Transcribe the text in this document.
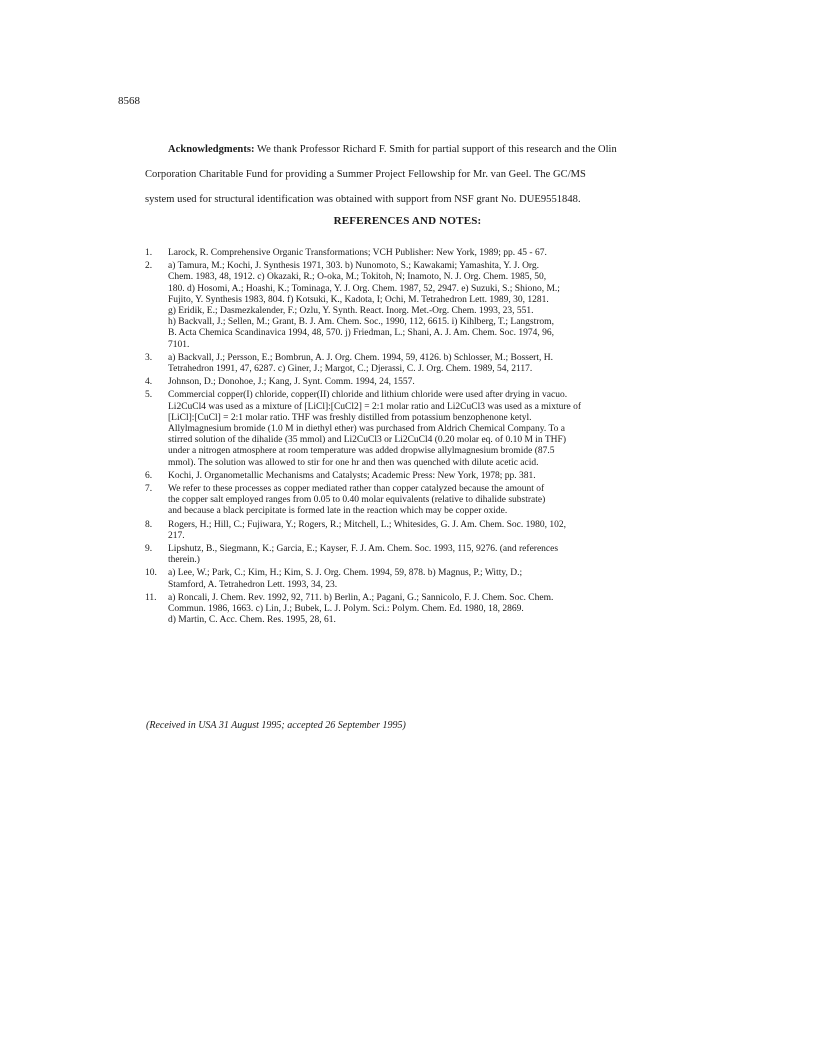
8568
Acknowledgments: We thank Professor Richard F. Smith for partial support of this research and the Olin
Corporation Charitable Fund for providing a Summer Project Fellowship for Mr. van Geel. The GC/MS
system used for structural identification was obtained with support from NSF grant No. DUE9551848.
REFERENCES AND NOTES:
1. Larock, R. Comprehensive Organic Transformations; VCH Publisher: New York, 1989; pp. 45 - 67.
2. a) Tamura, M.; Kochi, J. Synthesis 1971, 303. b) Nunomoto, S.; Kawakami; Yamashita, Y. J. Org.
Chem. 1983, 48, 1912. c) Okazaki, R.; O-oka, M.; Tokitoh, N; Inamoto, N. J. Org. Chem. 1985, 50,
180. d) Hosomi, A.; Hoashi, K.; Tominaga, Y. J. Org. Chem. 1987, 52, 2947. e) Suzuki, S.; Shiono, M.;
Fujito, Y. Synthesis 1983, 804. f) Kotsuki, K., Kadota, I; Ochi, M. Tetrahedron Lett. 1989, 30, 1281.
g) Eridik, E.; Dasmezkalender, F.; Ozlu, Y. Synth. React. Inorg. Met.-Org. Chem. 1993, 23, 551.
h) Backvall, J.; Sellen, M.; Grant, B. J. Am. Chem. Soc., 1990, 112, 6615. i) Kihlberg, T.; Langstrom,
B. Acta Chemica Scandinavica 1994, 48, 570. j) Friedman, L.; Shani, A. J. Am. Chem. Soc. 1974, 96,
7101.
3. a) Backvall, J.; Persson, E.; Bombrun, A. J. Org. Chem. 1994, 59, 4126. b) Schlosser, M.; Bossert, H.
Tetrahedron 1991, 47, 6287. c) Giner, J.; Margot, C.; Djerassi, C. J. Org. Chem. 1989, 54, 2117.
4. Johnson, D.; Donohoe, J.; Kang, J. Synt. Comm. 1994, 24, 1557.
5. Commercial copper(I) chloride, copper(II) chloride and lithium chloride were used after drying in vacuo.
Li2CuCl4 was used as a mixture of [LiCl]:[CuCl2] = 2:1 molar ratio and Li2CuCl3 was used as a mixture of
[LiCl]:[CuCl] = 2:1 molar ratio. THF was freshly distilled from potassium benzophenone ketyl.
Allylmagnesium bromide (1.0 M in diethyl ether) was purchased from Aldrich Chemical Company. To a
stirred solution of the dihalide (35 mmol) and Li2CuCl3 or Li2CuCl4 (0.20 molar eq. of 0.10 M in THF)
under a nitrogen atmosphere at room temperature was added dropwise allylmagnesium bromide (87.5
mmol). The solution was allowed to stir for one hr and then was quenched with dilute acetic acid.
6. Kochi, J. Organometallic Mechanisms and Catalysts; Academic Press: New York, 1978; pp. 381.
7. We refer to these processes as copper mediated rather than copper catalyzed because the amount of
the copper salt employed ranges from 0.05 to 0.40 molar equivalents (relative to dihalide substrate)
and because a black percipitate is formed late in the reaction which may be copper oxide.
8. Rogers, H.; Hill, C.; Fujiwara, Y.; Rogers, R.; Mitchell, L.; Whitesides, G. J. Am. Chem. Soc. 1980, 102,
217.
9. Lipshutz, B., Siegmann, K.; Garcia, E.; Kayser, F. J. Am. Chem. Soc. 1993, 115, 9276. (and references
therein.)
10. a) Lee, W.; Park, C.; Kim, H.; Kim, S. J. Org. Chem. 1994, 59, 878. b) Magnus, P.; Witty, D.;
Stamford, A. Tetrahedron Lett. 1993, 34, 23.
11. a) Roncali, J. Chem. Rev. 1992, 92, 711. b) Berlin, A.; Pagani, G.; Sannicolo, F. J. Chem. Soc. Chem.
Commun. 1986, 1663. c) Lin, J.; Bubek, L. J. Polym. Sci.: Polym. Chem. Ed. 1980, 18, 2869.
d) Martin, C. Acc. Chem. Res. 1995, 28, 61.
(Received in USA 31 August 1995; accepted 26 September 1995)
